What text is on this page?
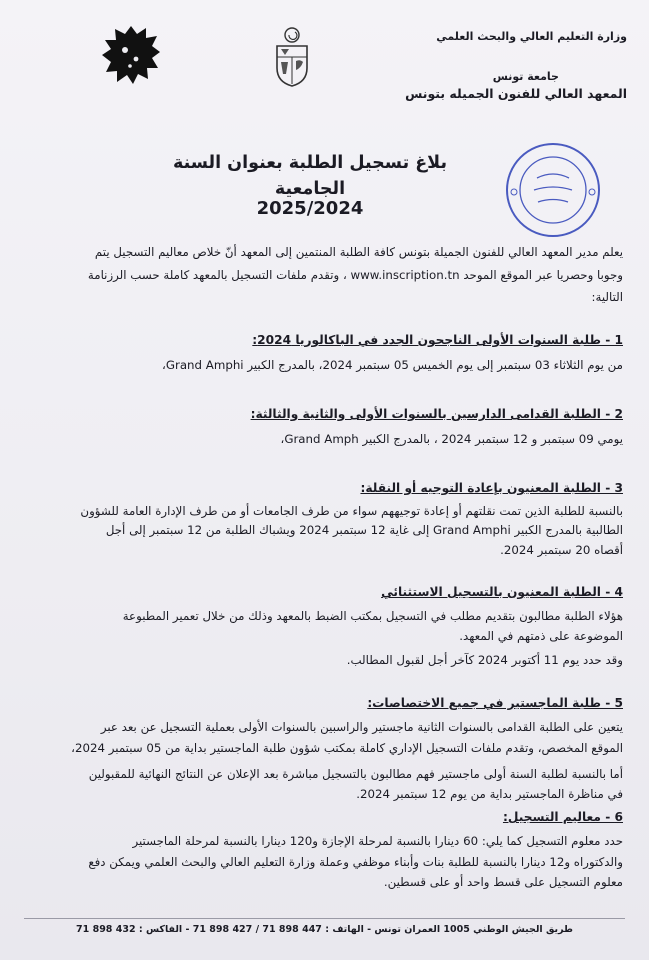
وزارة التعليم العالي والبحث العلمي
جامعة تونس
المعهد العالي للفنون الجميله بتونس
بلاغ تسجيل الطلبة بعنوان السنة الجامعية
2025/2024
يعلم مدير المعهد العالي للفنون الجميلة بتونس كافة الطلبة المنتمين إلى المعهد أنّ خلاص معاليم التسجيل يتم
وجوبا وحصريا عبر الموقع الموحد www.inscription.tn ، وتقدم ملفات التسجيل بالمعهد كاملة حسب الرزنامة
التالية:
1 - طلبة السنوات الأولى الناجحون الجدد في الباكالوريا 2024:
من يوم الثلاثاء 03 سبتمبر إلى يوم الخميس 05 سبتمبر 2024، بالمدرج الكبير Grand Amphi،
2 - الطلبة القدامى الدارسين بالسنوات الأولى والثانية والثالثة:
يومي 09 سبتمبر و 12 سبتمبر 2024 ، بالمدرج الكبير Grand Amph،
3 - الطلبة المعنيون بإعادة التوجيه أو النقلة:
بالنسبة للطلبة الذين تمت نقلتهم أو إعادة توجيههم سواء من طرف الجامعات أو من طرف الإدارة العامة للشؤون
الطالبية بالمدرج الكبير Grand Amphi إلى غاية 12 سبتمبر 2024 ويشباك الطلبة من 12 سبتمبر إلى أجل
أقصاه 20 سبتمبر 2024.
4 - الطلبة المعنيون بالتسجيل الاستثنائي
هؤلاء الطلبة مطالبون بتقديم مطلب في التسجيل بمكتب الضبط بالمعهد وذلك من خلال تعمير المطبوعة
الموضوعة على ذمتهم في المعهد.
وقد حدد يوم 11 أكتوبر 2024 كآخر أجل لقبول المطالب.
5 - طلبة الماجستير في جميع الاختصاصات:
يتعين على الطلبة القدامى بالسنوات الثانية ماجستير والراسبين بالسنوات الأولى بعملية التسجيل عن بعد عبر
الموقع المخصص، وتقدم ملفات التسجيل الإداري كاملة بمكتب شؤون طلبة الماجستير بداية من 05 سبتمبر 2024،
أما بالنسبة لطلبة السنة أولى ماجستير فهم مطالبون بالتسجيل مباشرة بعد الإعلان عن النتائج النهائية للمقبولين
في مناظرة الماجستير بداية من يوم 12 سبتمبر 2024.
6 - معاليم التسجيل:
حدد معلوم التسجيل كما يلي: 60 دينارا بالنسبة لمرحلة الإجازة و120 دينارا بالنسبة لمرحلة الماجستير
والدكتوراه و12 دينارا بالنسبة للطلبة بنات وأبناء موظفي وعملة وزارة التعليم العالي والبحث العلمي ويمكن دفع
معلوم التسجيل على قسط واحد أو على قسطين.
طريق الجيش الوطني 1005 العمران تونس - الهاتف : 447 898 71 / 427 898 71 - الفاكس : 432 898 71
